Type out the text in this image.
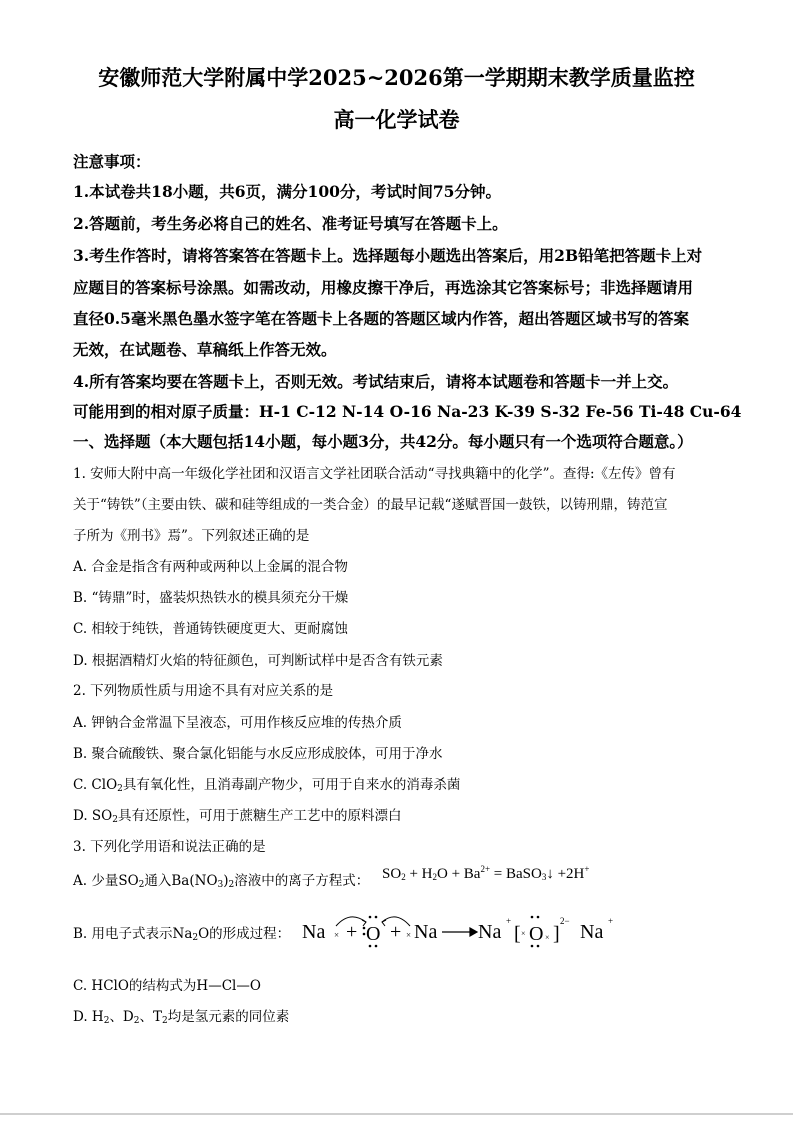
安徽师范大学附属中学2025~2026第一学期期末教学质量监控
高一化学试卷
注意事项：
1.本试卷共18小题，共6页，满分100分，考试时间75分钟。
2.答题前，考生务必将自己的姓名、准考证号填写在答题卡上。
3.考生作答时，请将答案答在答题卡上。选择题每小题选出答案后，用2B铅笔把答题卡上对
应题目的答案标号涂黑。如需改动，用橡皮擦干净后，再选涂其它答案标号；非选择题请用
直径0.5毫米黑色墨水签字笔在答题卡上各题的答题区域内作答，超出答题区域书写的答案
无效，在试题卷、草稿纸上作答无效。
4.所有答案均要在答题卡上，否则无效。考试结束后，请将本试题卷和答题卡一并上交。
可能用到的相对原子质量：H-1 C-12 N-14 O-16 Na-23 K-39 S-32 Fe-56 Ti-48 Cu-64
一、选择题（本大题包括14小题，每小题3分，共42分。每小题只有一个选项符合题意。）
1. 安师大附中高一年级化学社团和汉语言文学社团联合活动“寻找典籍中的化学”。查得:《左传》曾有
关于“铸铁”（主要由铁、碳和硅等组成的一类合金）的最早记载“遂赋晋国一鼓铁，以铸刑鼎，铸范宣
子所为《刑书》焉”。下列叙述正确的是
A. 合金是指含有两种或两种以上金属的混合物
B. “铸鼎”时，盛装炽热铁水的模具须充分干燥
C. 相较于纯铁，普通铸铁硬度更大、更耐腐蚀
D. 根据酒精灯火焰的特征颜色，可判断试样中是否含有铁元素
2. 下列物质性质与用途不具有对应关系的是
A. 钾钠合金常温下呈液态，可用作核反应堆的传热介质
B. 聚合硫酸铁、聚合氯化铝能与水反应形成胶体，可用于净水
C. ClO$_2$具有氧化性，且消毒副产物少，可用于自来水的消毒杀菌
D. $SO_2$具有还原性，可用于蔗糖生产工艺中的原料漂白
3. 下列化学用语和说法正确的是
A. 少量$SO_2$通入$Ba(NO_3)_2$溶液中的离子方程式： $SO_2 + H_2O + Ba^{2+}$ = BaSO$_3$↓ +2H+
B. 用电子式表示$Na_2O$的形成过程： Na × + O + × Na Na +
[ × O × ]
2− Na +
C. HClO的结构式为H—Cl—O
D. $H_2$、$D_2$、$T_2$均是氢元素的同位素
